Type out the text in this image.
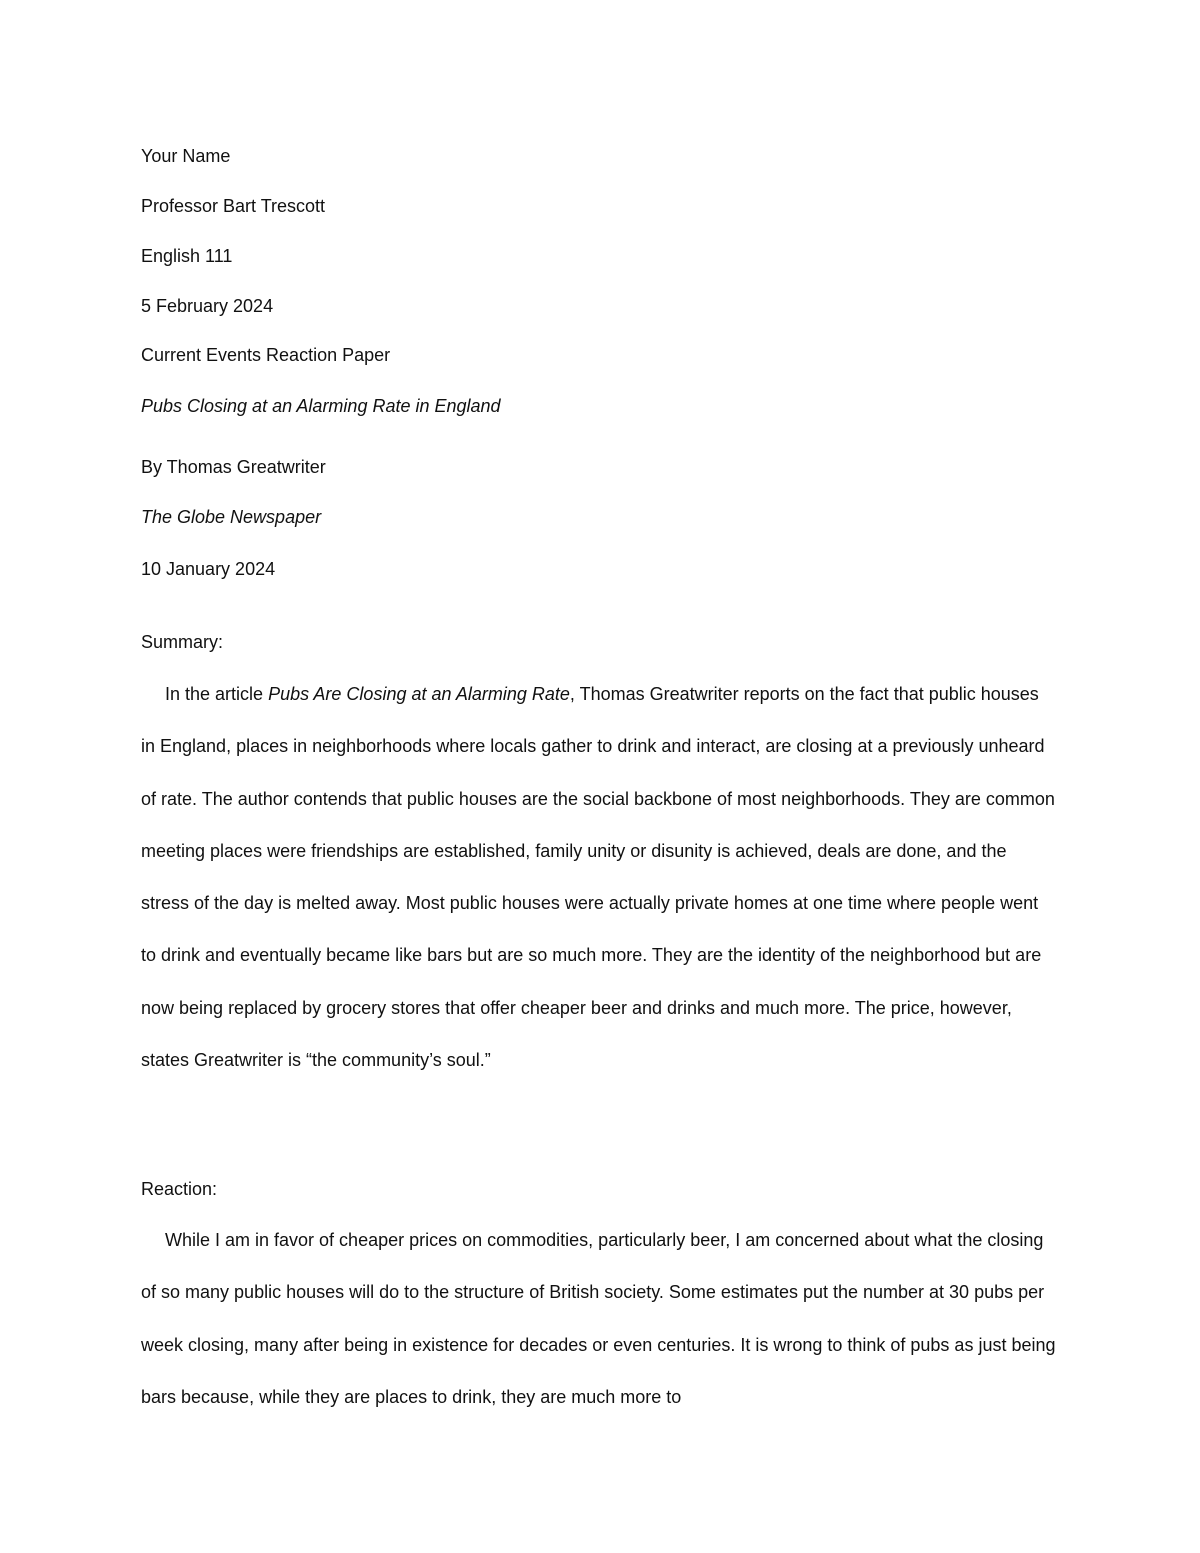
Your Name
Professor Bart Trescott
English 111
5 February 2024
Current Events Reaction Paper
Pubs Closing at an Alarming Rate in England
By Thomas Greatwriter
The Globe Newspaper
10 January 2024
Summary:
In the article Pubs Are Closing at an Alarming Rate, Thomas Greatwriter reports on the fact that public houses in England, places in neighborhoods where locals gather to drink and interact, are closing at a previously unheard of rate. The author contends that public houses are the social backbone of most neighborhoods. They are common meeting places were friendships are established, family unity or disunity is achieved, deals are done, and the stress of the day is melted away. Most public houses were actually private homes at one time where people went to drink and eventually became like bars but are so much more. They are the identity of the neighborhood but are now being replaced by grocery stores that offer cheaper beer and drinks and much more. The price, however, states Greatwriter is “the community’s soul.”
Reaction:
While I am in favor of cheaper prices on commodities, particularly beer, I am concerned about what the closing of so many public houses will do to the structure of British society. Some estimates put the number at 30 pubs per week closing, many after being in existence for decades or even centuries. It is wrong to think of pubs as just being bars because, while they are places to drink, they are much more to
